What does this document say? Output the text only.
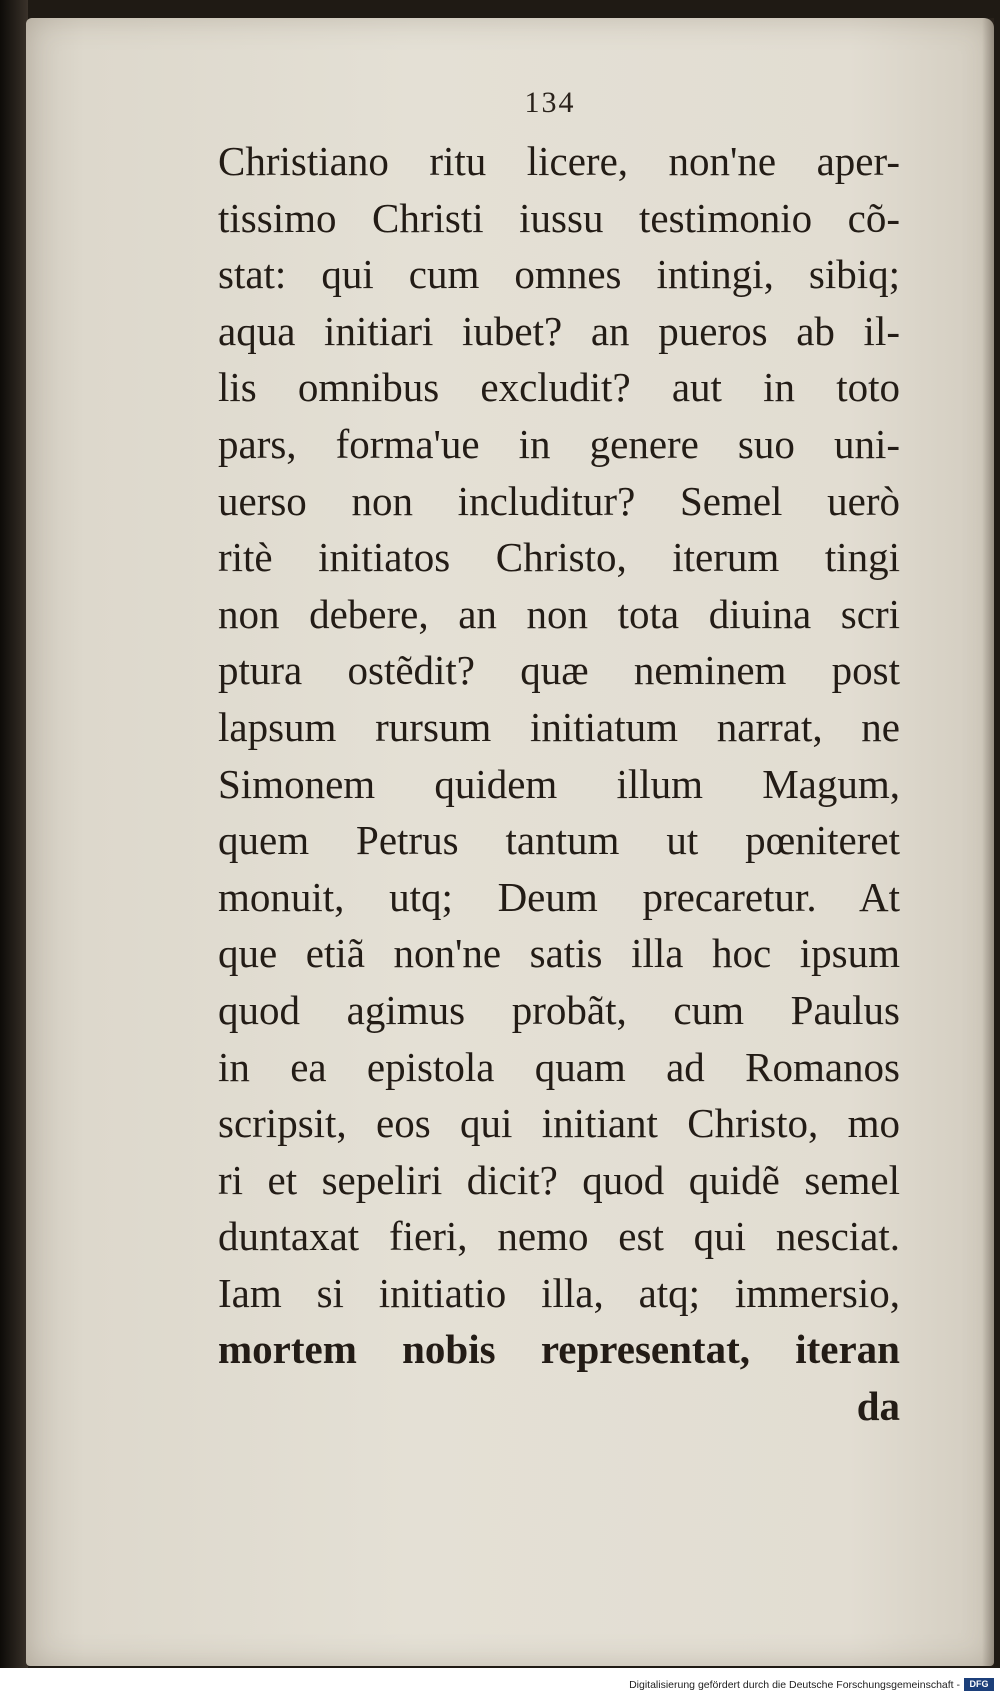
134
Christiano ritu licere, non'ne aper-
tissimo Christi iussu testimonio cõ-
stat: qui cum omnes intingi, sibiq;
aqua initiari iubet? an pueros ab il-
lis omnibus excludit? aut in toto
pars, forma'ue in genere suo uni-
uerso non includitur? Semel uerò
ritè initiatos Christo, iterum tingi
non debere, an non tota diuina scri
ptura ostẽdit? quæ neminem post
lapsum rursum initiatum narrat, ne
Simonem quidem illum Magum,
quem Petrus tantum ut pœniteret
monuit, utq; Deum precaretur. At
que etiã non'ne satis illa hoc ipsum
quod agimus probãt, cum Paulus
in ea epistola quam ad Romanos
scripsit, eos qui initiant Christo, mo
ri et sepeliri dicit? quod quidẽ semel
duntaxat fieri, nemo est qui nesciat.
Iam si initiatio illa, atq; immersio,
mortem nobis representat, iteran
da
Digitalisierung gefördert durch die Deutsche Forschungsgemeinschaft -	DFG
